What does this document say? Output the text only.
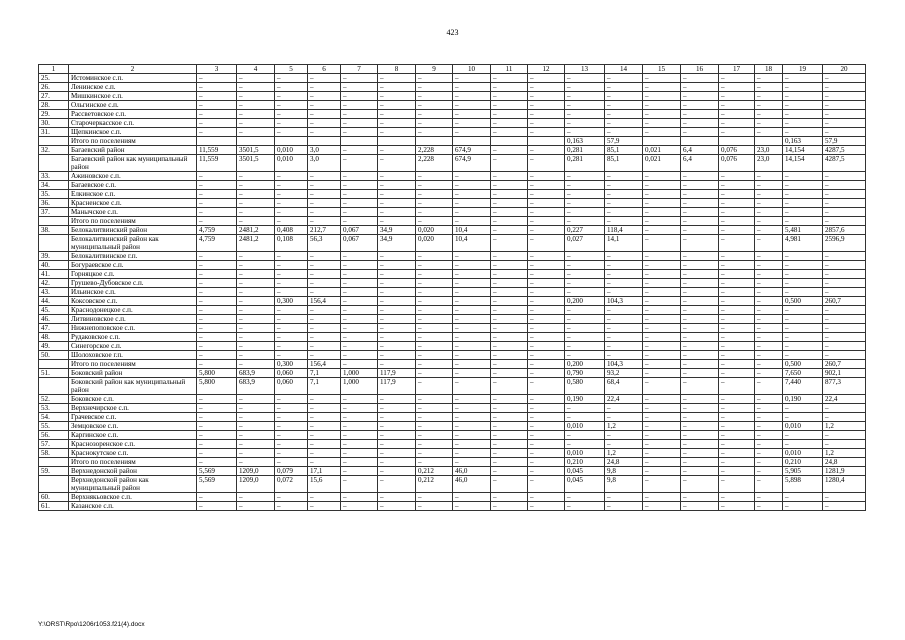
423
1	2	3	4	5	6	7	8	9	10	11	12	13	14	15	16	17	18	19	20
25.	Истоминское с.п.	–	–	–	–	–	–	–	–	–	–	–	–	–	–	–	–	–	–
26.	Ленинское с.п.	–	–	–	–	–	–	–	–	–	–	–	–	–	–	–	–	–	–
27.	Мишкинское с.п.	–	–	–	–	–	–	–	–	–	–	–	–	–	–	–	–	–	–
28.	Ольгинское с.п.	–	–	–	–	–	–	–	–	–	–	–	–	–	–	–	–	–	–
29.	Рассветовское с.п.	–	–	–	–	–	–	–	–	–	–	–	–	–	–	–	–	–	–
30.	Старочеркасское с.п.	–	–	–	–	–	–	–	–	–	–	–	–	–	–	–	–	–	–
31.	Щепкинское с.п.	–	–	–	–	–	–	–	–	–	–	–	–	–	–	–	–	–	–
	Итого по поселениям											0,163	57,9					0,163	57,9
32.	Багаевский район	11,559	3501,5	0,010	3,0	–	–	2,228	674,9	–	–	0,281	85,1	0,021	6,4	0,076	23,0	14,154	4287,5
	Багаевский район как муниципальный район	11,559	3501,5	0,010	3,0	–	–	2,228	674,9	–	–	0,281	85,1	0,021	6,4	0,076	23,0	14,154	4287,5
33.	Ажиновское с.п.	–	–	–	–	–	–	–	–	–	–	–	–	–	–	–	–	–	–
34.	Багаевское с.п.	–	–	–	–	–	–	–	–	–	–	–	–	–	–	–	–	–	–
35.	Елкинское с.п.	–	–	–	–	–	–	–	–	–	–	–	–	–	–	–	–	–	–
36.	Красненское с.п.	–	–	–	–	–	–	–	–	–	–	–	–	–	–	–	–	–	–
37.	Манычское с.п.	–	–	–	–	–	–	–	–	–	–	–	–	–	–	–	–	–	–
	Итого по поселениям	–	–	–	–	–	–	–	–	–	–	–	–	–	–	–	–	–	–
38.	Белокалитвинский район	4,759	2481,2	0,408	212,7	0,067	34,9	0,020	10,4	–	–	0,227	118,4	–	–	–	–	5,481	2857,6
	Белокалитвинский район как муниципальный район	4,759	2481,2	0,108	56,3	0,067	34,9	0,020	10,4	–	–	0,027	14,1	–	–	–	–	4,981	2596,9
39.	Белокалитвинское г.п.	–	–	–	–	–	–	–	–	–	–	–	–	–	–	–	–	–	–
40.	Богураевское с.п.	–	–	–	–	–	–	–	–	–	–	–	–	–	–	–	–	–	–
41.	Горняцкое с.п.	–	–	–	–	–	–	–	–	–	–	–	–	–	–	–	–	–	–
42.	Грушево-Дубовское с.п.	–	–	–	–	–	–	–	–	–	–	–	–	–	–	–	–	–	–
43.	Ильинское с.п.	–	–	–	–	–	–	–	–	–	–	–	–	–	–	–	–	–	–
44.	Коксовское с.п.	–	–	0,300	156,4	–	–	–	–	–	–	0,200	104,3	–	–	–	–	0,500	260,7
45.	Краснодонецкое с.п.	–	–	–	–	–	–	–	–	–	–	–	–	–	–	–	–	–	–
46.	Литвиновское с.п.	–	–	–	–	–	–	–	–	–	–	–	–	–	–	–	–	–	–
47.	Нижнепоповское с.п.	–	–	–	–	–	–	–	–	–	–	–	–	–	–	–	–	–	–
48.	Рудаковское с.п.	–	–	–	–	–	–	–	–	–	–	–	–	–	–	–	–	–	–
49.	Синегорское с.п.	–	–	–	–	–	–	–	–	–	–	–	–	–	–	–	–	–	–
50.	Шолоховское г.п.	–	–	–	–	–	–	–	–	–	–	–	–	–	–	–	–	–	–
	Итого по поселениям	–	–	0,300	156,4	–	–	–	–	–	–	0,200	104,3	–	–	–	–	0,500	260,7
51.	Боковский район	5,800	683,9	0,060	7,1	1,000	117,9	–	–	–	–	0,790	93,2	–	–	–	–	7,650	902,1
	Боковский район как муниципальный район	5,800	683,9	0,060	7,1	1,000	117,9	–	–	–	–	0,580	68,4	–	–	–	–	7,440	877,3
52.	Боковское с.п.	–	–	–	–	–	–	–	–	–	–	0,190	22,4	–	–	–	–	0,190	22,4
53.	Верхнечирское с.п.	–	–	–	–	–	–	–	–	–	–	–	–	–	–	–	–	–	–
54.	Грачевское с.п.	–	–	–	–	–	–	–	–	–	–	–	–	–	–	–	–	–	–
55.	Земцовское с.п.	–	–	–	–	–	–	–	–	–	–	0,010	1,2	–	–	–	–	0,010	1,2
56.	Каргинское с.п.	–	–	–	–	–	–	–	–	–	–	–	–	–	–	–	–	–	–
57.	Краснозоренское с.п.	–	–	–	–	–	–	–	–	–	–	–	–	–	–	–	–	–	–
58.	Краснокутское с.п.	–	–	–	–	–	–	–	–	–	–	0,010	1,2	–	–	–	–	0,010	1,2
	Итого по поселениям	–	–	–	–	–	–	–	–	–	–	0,210	24,8	–	–	–	–	0,210	24,8
59.	Верхнедонской район	5,569	1209,0	0,079	17,1	–	–	0,212	46,0	–	–	0,045	9,8	–	–	–	–	5,905	1281,9
	Верхнедонской район как муниципальный район	5,569	1209,0	0,072	15,6	–	–	0,212	46,0	–	–	0,045	9,8	–	–	–	–	5,898	1280,4
60.	Верхнякьовское с.п.	–	–	–	–	–	–	–	–	–	–	–	–	–	–	–	–	–	–
61.	Казанское с.п.	–	–	–	–	–	–	–	–	–	–	–	–	–	–	–	–	–	–
Y:\ORST\Rpo\1206r1053.f21(4).docx
